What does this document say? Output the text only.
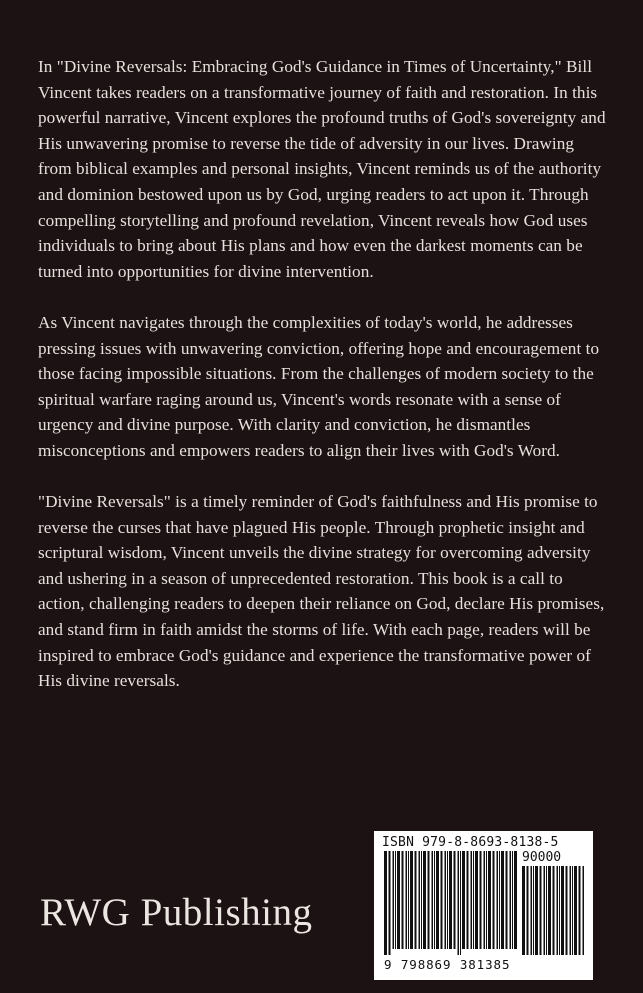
In "Divine Reversals: Embracing God's Guidance in Times of Uncertainty," Bill Vincent takes readers on a transformative journey of faith and restoration. In this powerful narrative, Vincent explores the profound truths of God's sovereignty and His unwavering promise to reverse the tide of adversity in our lives. Drawing from biblical examples and personal insights, Vincent reminds us of the authority and dominion bestowed upon us by God, urging readers to act upon it. Through compelling storytelling and profound revelation, Vincent reveals how God uses individuals to bring about His plans and how even the darkest moments can be turned into opportunities for divine intervention.

As Vincent navigates through the complexities of today's world, he addresses pressing issues with unwavering conviction, offering hope and encouragement to those facing impossible situations. From the challenges of modern society to the spiritual warfare raging around us, Vincent's words resonate with a sense of urgency and divine purpose. With clarity and conviction, he dismantles misconceptions and empowers readers to align their lives with God's Word.

"Divine Reversals" is a timely reminder of God's faithfulness and His promise to reverse the curses that have plagued His people. Through prophetic insight and scriptural wisdom, Vincent unveils the divine strategy for overcoming adversity and ushering in a season of unprecedented restoration. This book is a call to action, challenging readers to deepen their reliance on God, declare His promises, and stand firm in faith amidst the storms of life. With each page, readers will be inspired to embrace God's guidance and experience the transformative power of His divine reversals.

RWG Publishing
ISBN 979-8-8693-8138-5
90000
9 798869 381385
